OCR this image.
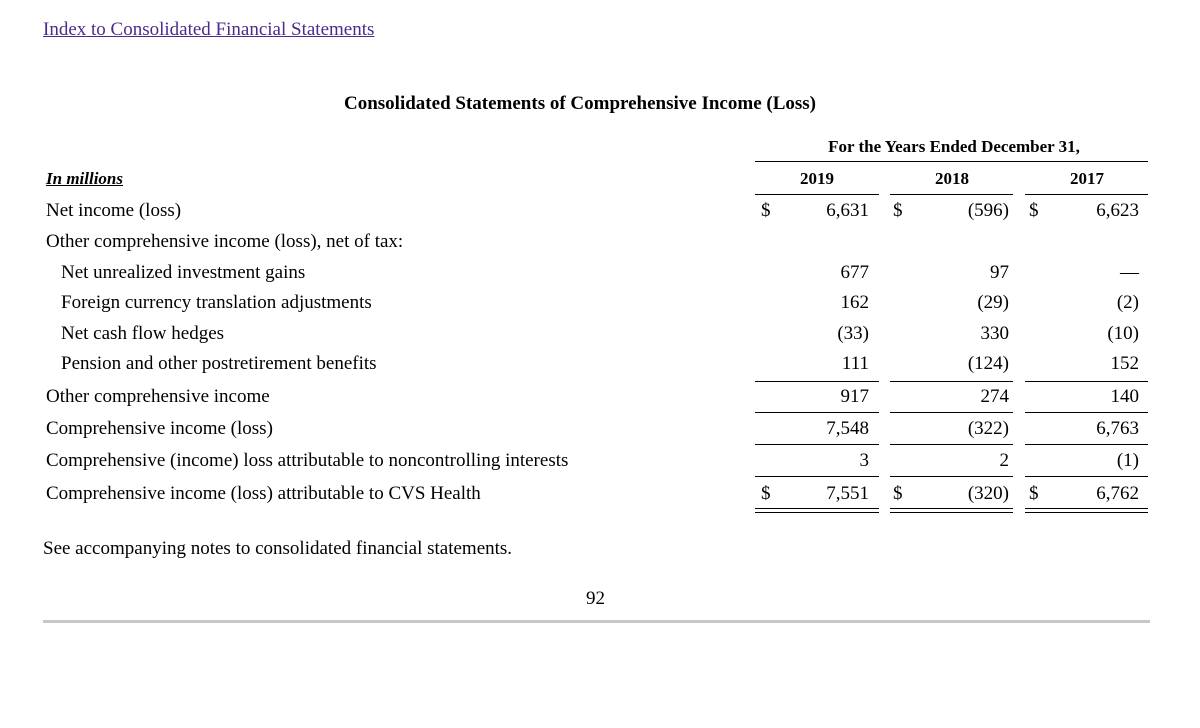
Index to Consolidated Financial Statements
Consolidated Statements of Comprehensive Income (Loss)
For the Years Ended December 31,
In millions	2019	2018	2017
Net income (loss)	$	6,631 $	(596) $	6,623
Other comprehensive income (loss), net of tax:
Net unrealized investment gains	677	97	—
Foreign currency translation adjustments	162	(29)	(2)
Net cash flow hedges	(33)	330	(10)
Pension and other postretirement benefits	111	(124)	152
Other comprehensive income	917	274	140
Comprehensive income (loss)	7,548	(322)	6,763
Comprehensive (income) loss attributable to noncontrolling interests	3	2	(1)
Comprehensive income (loss) attributable to CVS Health	$	7,551 $	(320) $	6,762
See accompanying notes to consolidated financial statements.
92
